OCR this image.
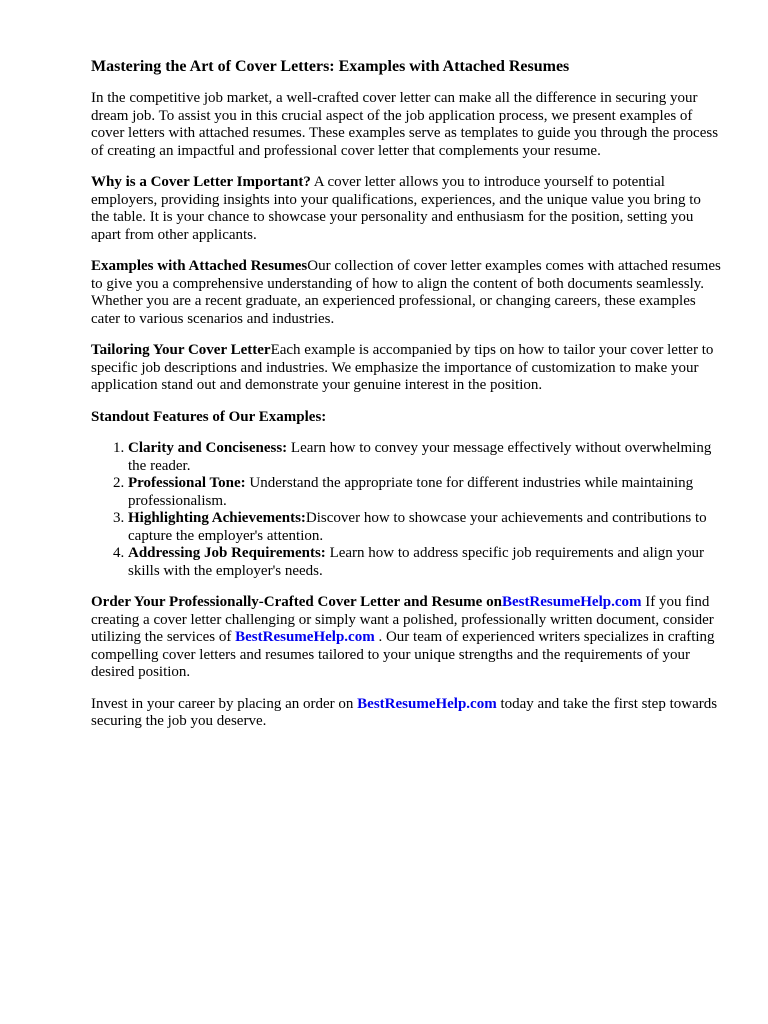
Mastering the Art of Cover Letters: Examples with Attached Resumes

In the competitive job market, a well-crafted cover letter can make all the difference in securing your dream job. To assist you in this crucial aspect of the job application process, we present examples of cover letters with attached resumes. These examples serve as templates to guide you through the process of creating an impactful and professional cover letter that complements your resume.

Why is a Cover Letter Important? A cover letter allows you to introduce yourself to potential employers, providing insights into your qualifications, experiences, and the unique value you bring to the table. It is your chance to showcase your personality and enthusiasm for the position, setting you apart from other applicants.

Examples with Attached ResumesOur collection of cover letter examples comes with attached resumes to give you a comprehensive understanding of how to align the content of both documents seamlessly. Whether you are a recent graduate, an experienced professional, or changing careers, these examples cater to various scenarios and industries.

Tailoring Your Cover LetterEach example is accompanied by tips on how to tailor your cover letter to specific job descriptions and industries. We emphasize the importance of customization to make your application stand out and demonstrate your genuine interest in the position.

Standout Features of Our Examples:

1. Clarity and Conciseness: Learn how to convey your message effectively without overwhelming the reader.
2. Professional Tone: Understand the appropriate tone for different industries while maintaining professionalism.
3. Highlighting Achievements:Discover how to showcase your achievements and contributions to capture the employer's attention.
4. Addressing Job Requirements: Learn how to address specific job requirements and align your skills with the employer's needs.

Order Your Professionally-Crafted Cover Letter and Resume onBestResumeHelp.com If you find creating a cover letter challenging or simply want a polished, professionally written document, consider utilizing the services of BestResumeHelp.com . Our team of experienced writers specializes in crafting compelling cover letters and resumes tailored to your unique strengths and the requirements of your desired position.

Invest in your career by placing an order on BestResumeHelp.com today and take the first step towards securing the job you deserve.
